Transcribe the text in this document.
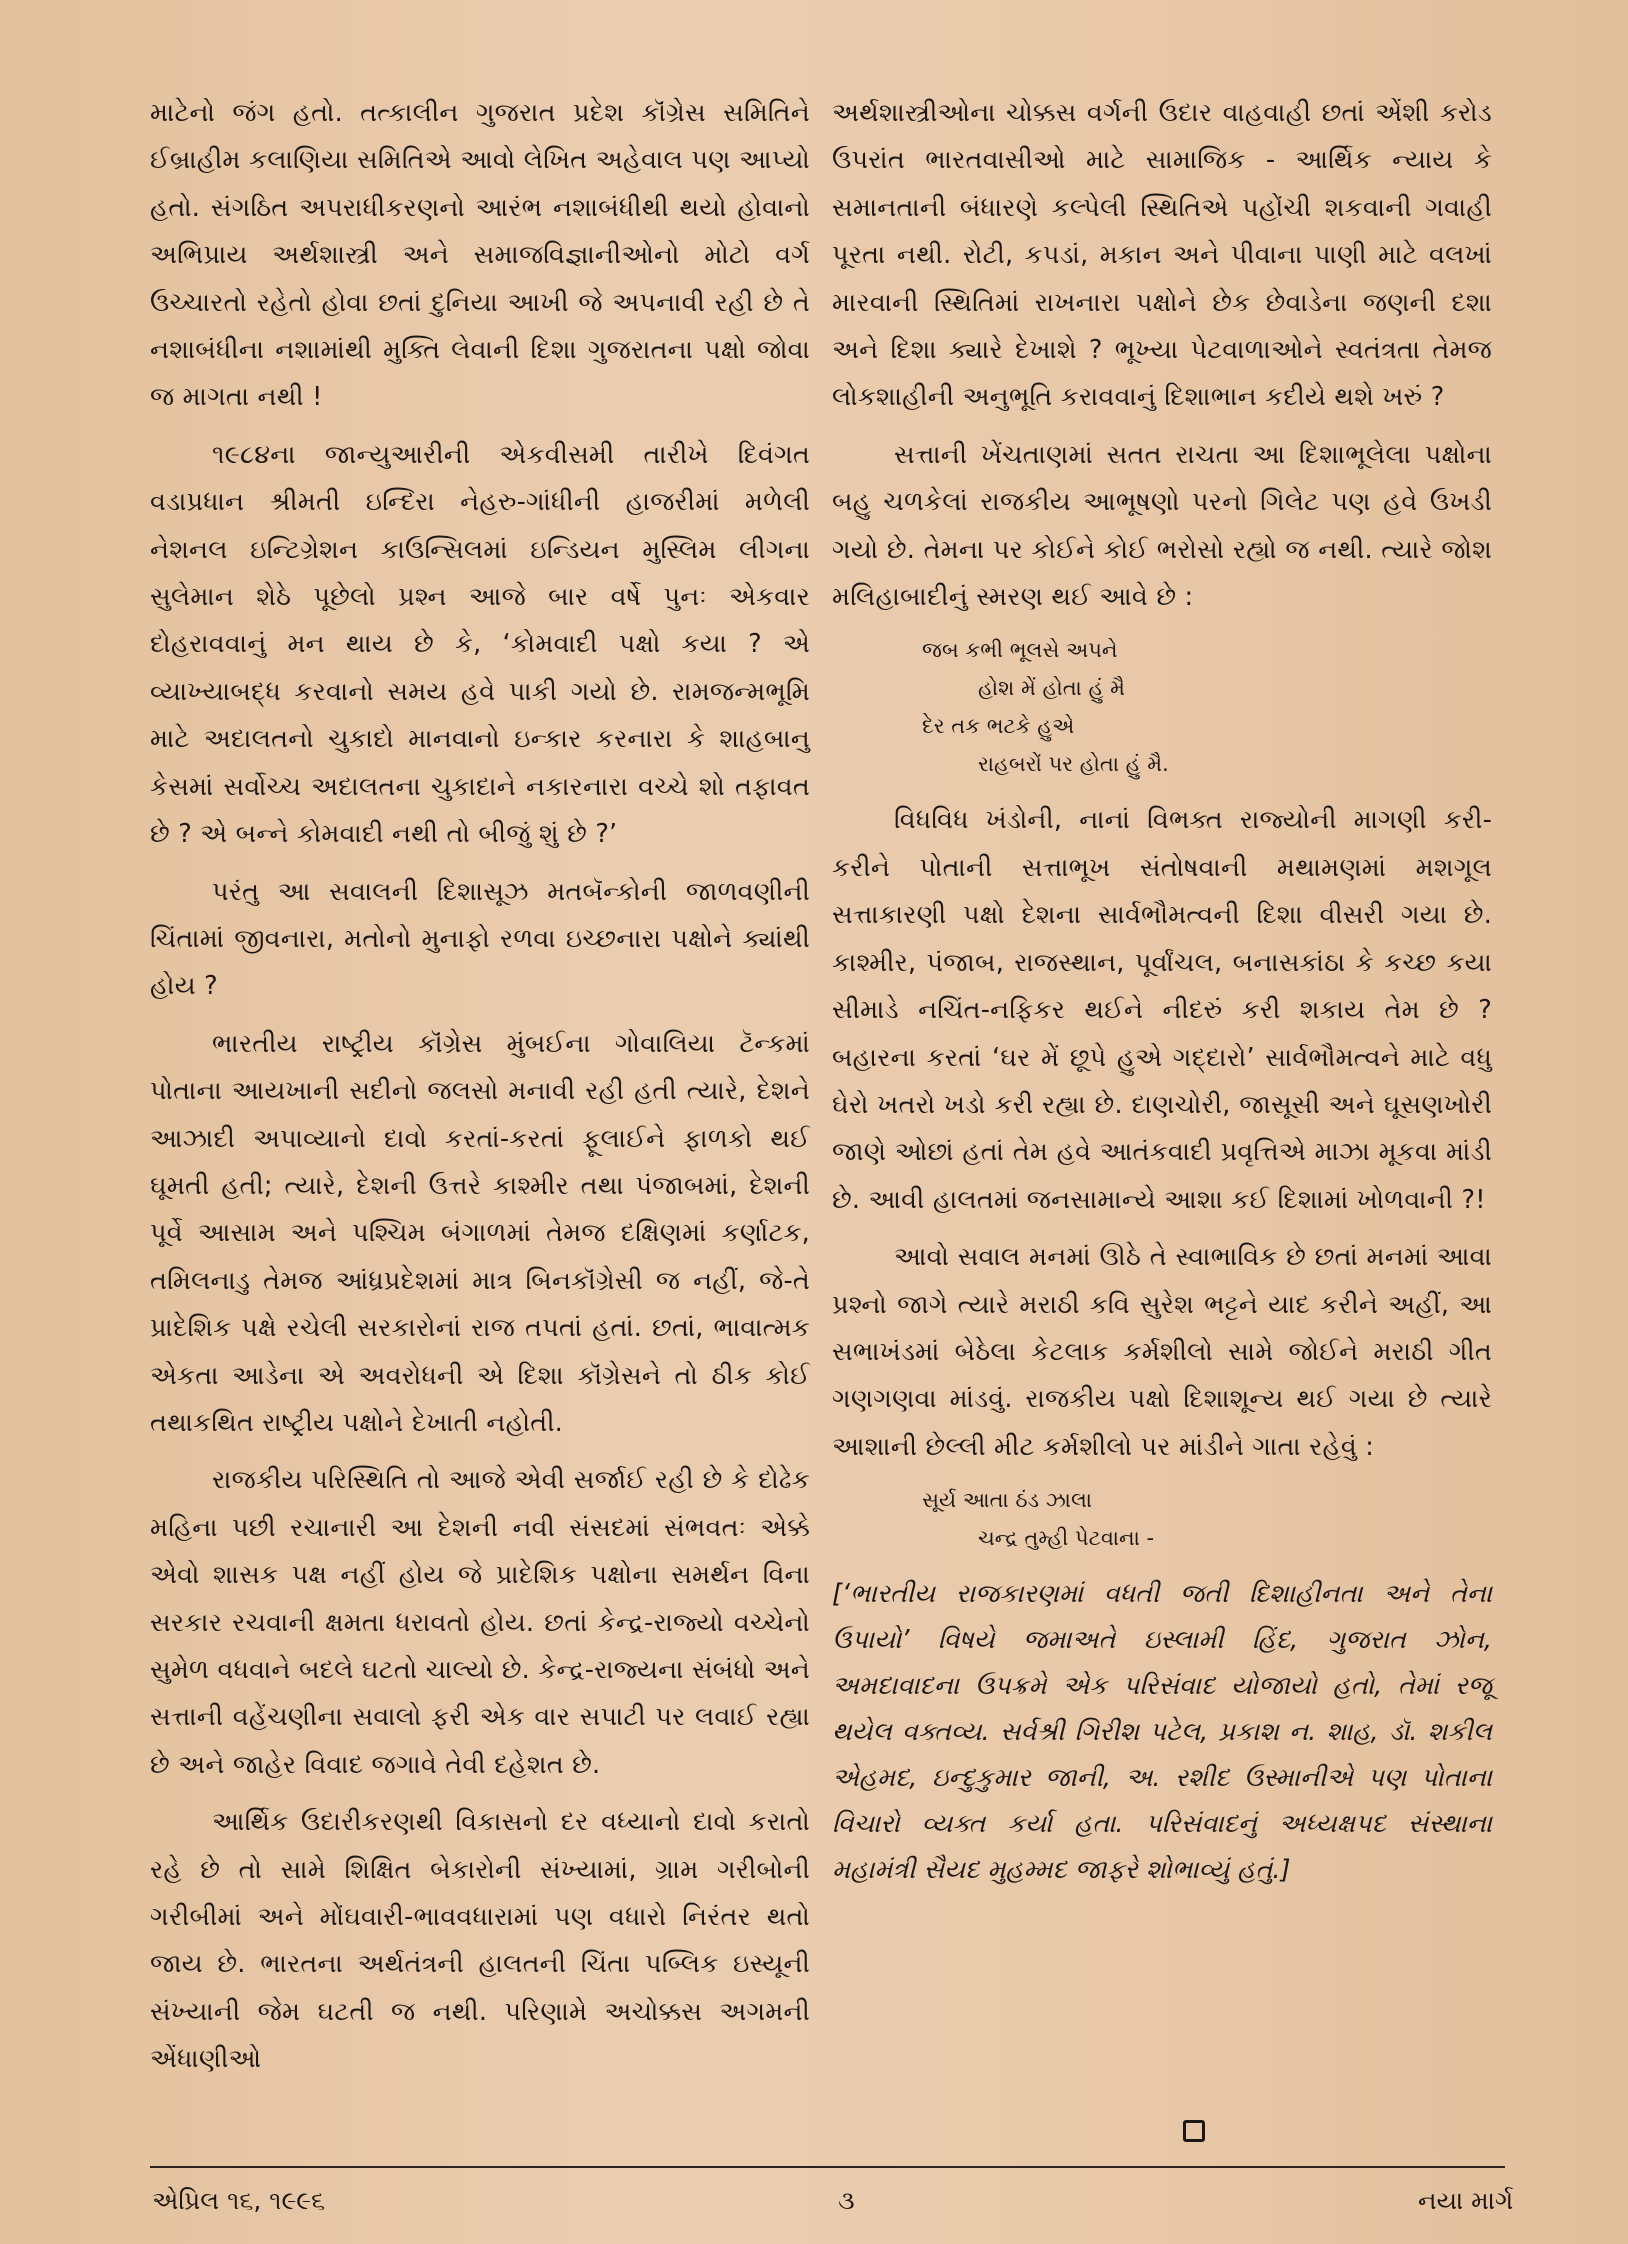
માટેનો જંગ હતો. તત્કાલીન ગુજરાત પ્રદેશ કૉંગ્રેસ સમિતિને ઈબ્રાહીમ કલાણિયા સમિતિએ આવો લેખિત અહેવાલ પણ આપ્યો હતો. સંગઠિત અપરાધીકરણનો આરંભ નશાબંધીથી થયો હોવાનો અભિપ્રાય અર્થશાસ્ત્રી અને સમાજવિજ્ઞાનીઓનો મોટો વર્ગ ઉચ્ચારતો રહેતો હોવા છતાં દુનિયા આખી જે અપનાવી રહી છે તે નશાબંધીના નશામાંથી મુક્તિ લેવાની દિશા ગુજરાતના પક્ષો જોવા જ માગતા નથી !

૧૯૮૪ના જાન્યુઆરીની એકવીસમી તારીખે દિવંગત વડાપ્રધાન શ્રીમતી ઇન્દિરા નેહરુ-ગાંધીની હાજરીમાં મળેલી નેશનલ ઇન્ટિગ્રેશન કાઉન્સિલમાં ઇન્ડિયન મુસ્લિમ લીગના સુલેમાન શેઠે પૂછેલો પ્રશ્ન આજે બાર વર્ષે પુનઃ એકવાર દોહરાવવાનું મન થાય છે કે, ‘કોમવાદી પક્ષો કયા ? એ વ્યાખ્યાબદ્ધ કરવાનો સમય હવે પાકી ગયો છે. રામજન્મભૂમિ માટે અદાલતનો ચુકાદો માનવાનો ઇન્કાર કરનારા કે શાહબાનુ કેસમાં સર્વોચ્ચ અદાલતના ચુકાદાને નકારનારા વચ્ચે શો તફાવત છે ? એ બન્ને કોમવાદી નથી તો બીજું શું છે ?’

પરંતુ આ સવાલની દિશાસૂઝ મતબૅન્કોની જાળવણીની ચિંતામાં જીવનારા, મતોનો મુનાફો રળવા ઇચ્છનારા પક્ષોને ક્યાંથી હોય ?

ભારતીય રાષ્ટ્રીય કૉંગ્રેસ મુંબઈના ગોવાલિયા ટૅન્કમાં પોતાના આયખાની સદીનો જલસો મનાવી રહી હતી ત્યારે, દેશને આઝાદી અપાવ્યાનો દાવો કરતાં-કરતાં ફૂલાઈને ફાળકો થઈ ઘૂમતી હતી; ત્યારે, દેશની ઉત્તરે કાશ્મીર તથા પંજાબમાં, દેશની પૂર્વે આસામ અને પશ્ચિમ બંગાળમાં તેમજ દક્ષિણમાં કર્ણાટક, તમિલનાડુ તેમજ આંધ્રપ્રદેશમાં માત્ર બિનકૉંગ્રેસી જ નહીં, જે-તે પ્રાદેશિક પક્ષે રચેલી સરકારોનાં રાજ તપતાં હતાં. છતાં, ભાવાત્મક એકતા આડેના એ અવરોધની એ દિશા કૉંગ્રેસને તો ઠીક કોઈ તથાકથિત રાષ્ટ્રીય પક્ષોને દેખાતી નહોતી.

રાજકીય પરિસ્થિતિ તો આજે એવી સર્જાઈ રહી છે કે દોઢેક મહિના પછી રચાનારી આ દેશની નવી સંસદમાં સંભવતઃ એક્કે એવો શાસક પક્ષ નહીં હોય જે પ્રાદેશિક પક્ષોના સમર્થન વિના સરકાર રચવાની ક્ષમતા ધરાવતો હોય. છતાં કેન્દ્ર-રાજ્યો વચ્ચેનો સુમેળ વધવાને બદલે ઘટતો ચાલ્યો છે. કેન્દ્ર-રાજ્યના સંબંધો અને સત્તાની વહેંચણીના સવાલો ફરી એક વાર સપાટી પર લવાઈ રહ્યા છે અને જાહેર વિવાદ જગાવે તેવી દહેશત છે.

આર્થિક ઉદારીકરણથી વિકાસનો દર વધ્યાનો દાવો કરાતો રહે છે તો સામે શિક્ષિત બેકારોની સંખ્યામાં, ગ્રામ ગરીબોની ગરીબીમાં અને મોંઘવારી-ભાવવધારામાં પણ વધારો નિરંતર થતો જાય છે. ભારતના અર્થતંત્રની હાલતની ચિંતા પબ્લિક ઇસ્યૂની સંખ્યાની જેમ ઘટતી જ નથી. પરિણામે અચોક્કસ અગમની એંધાણીઓ

અર્થશાસ્ત્રીઓના ચોક્કસ વર્ગની ઉદાર વાહવાહી છતાં એંશી કરોડ ઉપરાંત ભારતવાસીઓ માટે સામાજિક - આર્થિક ન્યાય કે સમાનતાની બંધારણે કલ્પેલી સ્થિતિએ પહોંચી શકવાની ગવાહી પૂરતા નથી. રોટી, કપડાં, મકાન અને પીવાના પાણી માટે વલખાં મારવાની સ્થિતિમાં રાખનારા પક્ષોને છેક છેવાડેના જણની દશા અને દિશા ક્યારે દેખાશે ? ભૂખ્યા પેટવાળાઓને સ્વતંત્રતા તેમજ લોકશાહીની અનુભૂતિ કરાવવાનું દિશાભાન કદીયે થશે ખરું ?

સત્તાની ખેંચતાણમાં સતત રાચતા આ દિશાભૂલેલા પક્ષોના બહુ ચળકેલાં રાજકીય આભૂષણો પરનો ગિલેટ પણ હવે ઉખડી ગયો છે. તેમના પર કોઈને કોઈ ભરોસો રહ્યો જ નથી. ત્યારે જોશ મલિહાબાદીનું સ્મરણ થઈ આવે છે :

જબ કભી ભૂલસે અપને
હોશ મેં હોતા હું મૈ
દેર તક ભટકે હુએ
રાહબરોં પર હોતા હું મૈ.

વિધવિધ ખંડોની, નાનાં વિભક્ત રાજ્યોની માગણી કરી-કરીને પોતાની સત્તાભૂખ સંતોષવાની મથામણમાં મશગૂલ સત્તાકારણી પક્ષો દેશના સાર્વભૌમત્વની દિશા વીસરી ગયા છે. કાશ્મીર, પંજાબ, રાજસ્થાન, પૂર્વાંચલ, બનાસકાંઠા કે કચ્છ કયા સીમાડે નચિંત-નફિકર થઈને નીદરું કરી શકાય તેમ છે ? બહારના કરતાં ‘ઘર મેં છૂપે હુએ ગદ્દારો’ સાર્વભૌમત્વને માટે વધુ ઘેરો ખતરો ખડો કરી રહ્યા છે. દાણચોરી, જાસૂસી અને ઘૂસણખોરી જાણે ઓછાં હતાં તેમ હવે આતંકવાદી પ્રવૃત્તિએ માઝા મૂકવા માંડી છે. આવી હાલતમાં જનસામાન્યે આશા કઈ દિશામાં ખોળવાની ?!

આવો સવાલ મનમાં ઊઠે તે સ્વાભાવિક છે છતાં મનમાં આવા પ્રશ્નો જાગે ત્યારે મરાઠી કવિ સુરેશ ભટ્ટને યાદ કરીને અહીં, આ સભાખંડમાં બેઠેલા કેટલાક કર્મશીલો સામે જોઈને મરાઠી ગીત ગણગણવા માંડવું. રાજકીય પક્ષો દિશાશૂન્ય થઈ ગયા છે ત્યારે આશાની છેલ્લી મીટ કર્મશીલો પર માંડીને ગાતા રહેવું :

સૂર્ય આતા ઠંડ ઝાલા
ચન્દ્ર તુમ્હી પેટવાના -

[‘ભારતીય રાજકારણમાં વધતી જતી દિશાહીનતા અને તેના ઉપાયો’ વિષયે જમાઅતે ઇસ્લામી હિંદ, ગુજરાત ઝોન, અમદાવાદના ઉપક્રમે એક પરિસંવાદ યોજાયો હતો, તેમાં રજૂ થયેલ વક્તવ્ય. સર્વશ્રી ગિરીશ પટેલ, પ્રકાશ ન. શાહ, ડૉ. શકીલ એહમદ, ઇન્દુકુમાર જાની, અ. રશીદ ઉસ્માનીએ પણ પોતાના વિચારો વ્યક્ત કર્યા હતા. પરિસંવાદનું અધ્યક્ષપદ સંસ્થાના મહામંત્રી સૈયદ મુહમ્મદ જાફરે શોભાવ્યું હતું.]

એપ્રિલ ૧૬, ૧૯૯૬	૩	નયા માર્ગ
